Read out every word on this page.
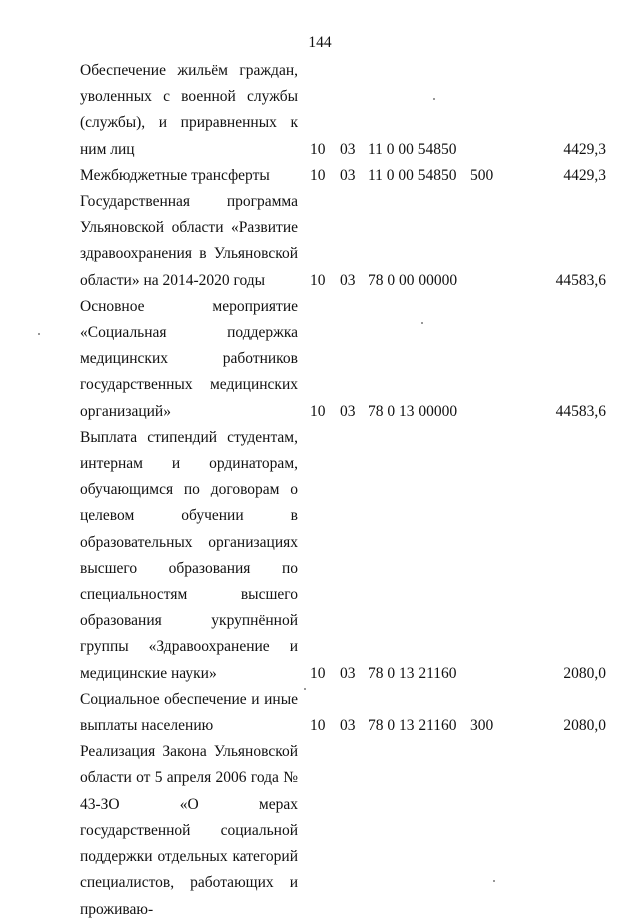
144
Обеспечение жильём граждан, уволенных с военной службы (службы), и приравненных к ним лиц	10 03 11 0 00 54850	4429,3
Межбюджетные трансферты	10 03 11 0 00 54850 500	4429,3
Государственная программа Ульяновской области «Развитие здравоохранения в Ульяновской области» на 2014-2020 годы	10 03 78 0 00 00000	44583,6
Основное мероприятие «Социальная поддержка медицинских работников государственных медицинских организаций»	10 03 78 0 13 00000	44583,6
Выплата стипендий студентам, интернам и ординаторам, обучающимся по договорам о целевом обучении в образовательных организациях высшего образования по специальностям высшего образования укрупнённой группы «Здравоохранение и медицинские науки»	10 03 78 0 13 21160	2080,0
Социальное обеспечение и иные выплаты населению	10 03 78 0 13 21160 300	2080,0
Реализация Закона Ульяновской области от 5 апреля 2006 года № 43-ЗО «О мерах государственной социальной поддержки отдельных категорий специалистов, работающих и проживаю-
